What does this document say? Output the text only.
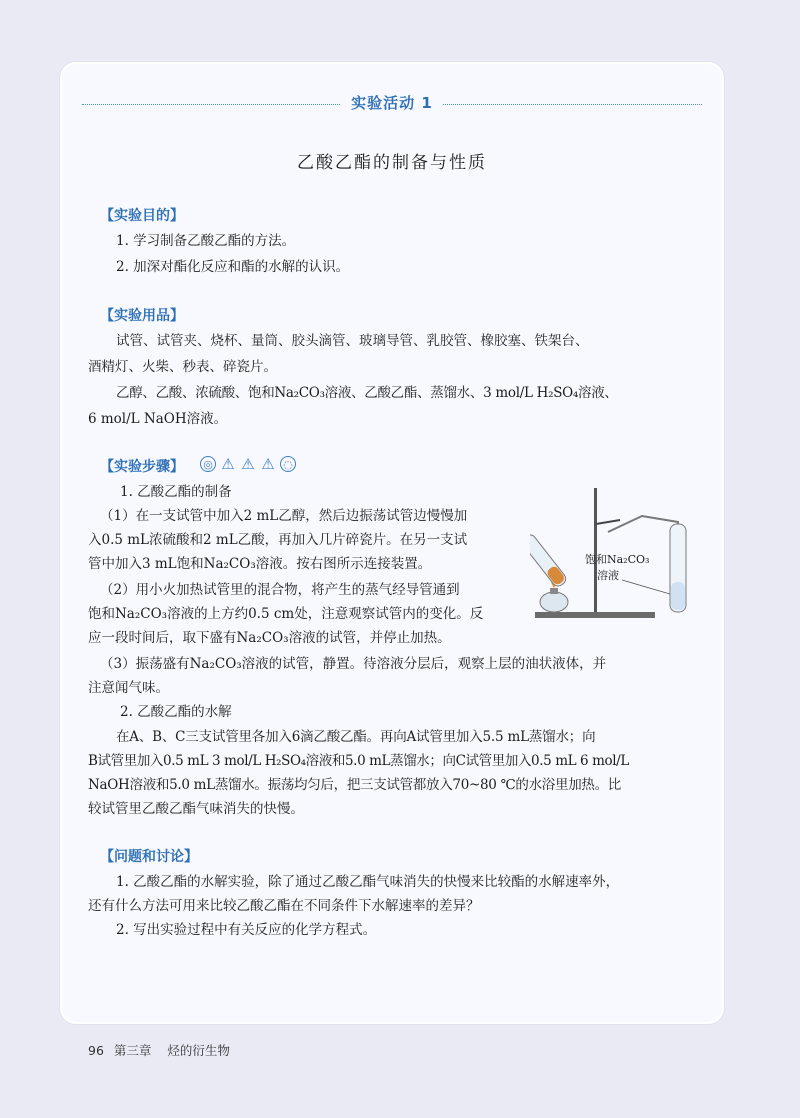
实验活动 1
乙酸乙酯的制备与性质
【实验目的】
1. 学习制备乙酸乙酯的方法。
2. 加深对酯化反应和酯的水解的认识。
【实验用品】
试管、试管夹、烧杯、量筒、胶头滴管、玻璃导管、乳胶管、橡胶塞、铁架台、
酒精灯、火柴、秒表、碎瓷片。
乙醇、乙酸、浓硫酸、饱和Na₂CO₃溶液、乙酸乙酯、蒸馏水、3 mol/L H₂SO₄溶液、
6 mol/L NaOH溶液。
【实验步骤】 ◎ ⚠ ⚠ ⚠ ◌
1. 乙酸乙酯的制备
（1）在一支试管中加入2 mL乙醇，然后边振荡试管边慢慢加
入0.5 mL浓硫酸和2 mL乙酸，再加入几片碎瓷片。在另一支试
管中加入3 mL饱和Na₂CO₃溶液。按右图所示连接装置。
（2）用小火加热试管里的混合物，将产生的蒸气经导管通到
饱和Na₂CO₃溶液的上方约0.5 cm处，注意观察试管内的变化。反
应一段时间后，取下盛有Na₂CO₃溶液的试管，并停止加热。
（3）振荡盛有Na₂CO₃溶液的试管，静置。待溶液分层后，观察上层的油状液体，并
注意闻气味。
2. 乙酸乙酯的水解
在A、B、C三支试管里各加入6滴乙酸乙酯。再向A试管里加入5.5 mL蒸馏水；向
B试管里加入0.5 mL 3 mol/L H₂SO₄溶液和5.0 mL蒸馏水；向C试管里加入0.5 mL 6 mol/L
NaOH溶液和5.0 mL蒸馏水。振荡均匀后，把三支试管都放入70~80 ℃的水浴里加热。比
较试管里乙酸乙酯气味消失的快慢。
饱和Na₂CO₃
溶液
【问题和讨论】
1. 乙酸乙酯的水解实验，除了通过乙酸乙酯气味消失的快慢来比较酯的水解速率外，
还有什么方法可用来比较乙酸乙酯在不同条件下水解速率的差异？
2. 写出实验过程中有关反应的化学方程式。
96 第三章 烃的衍生物
